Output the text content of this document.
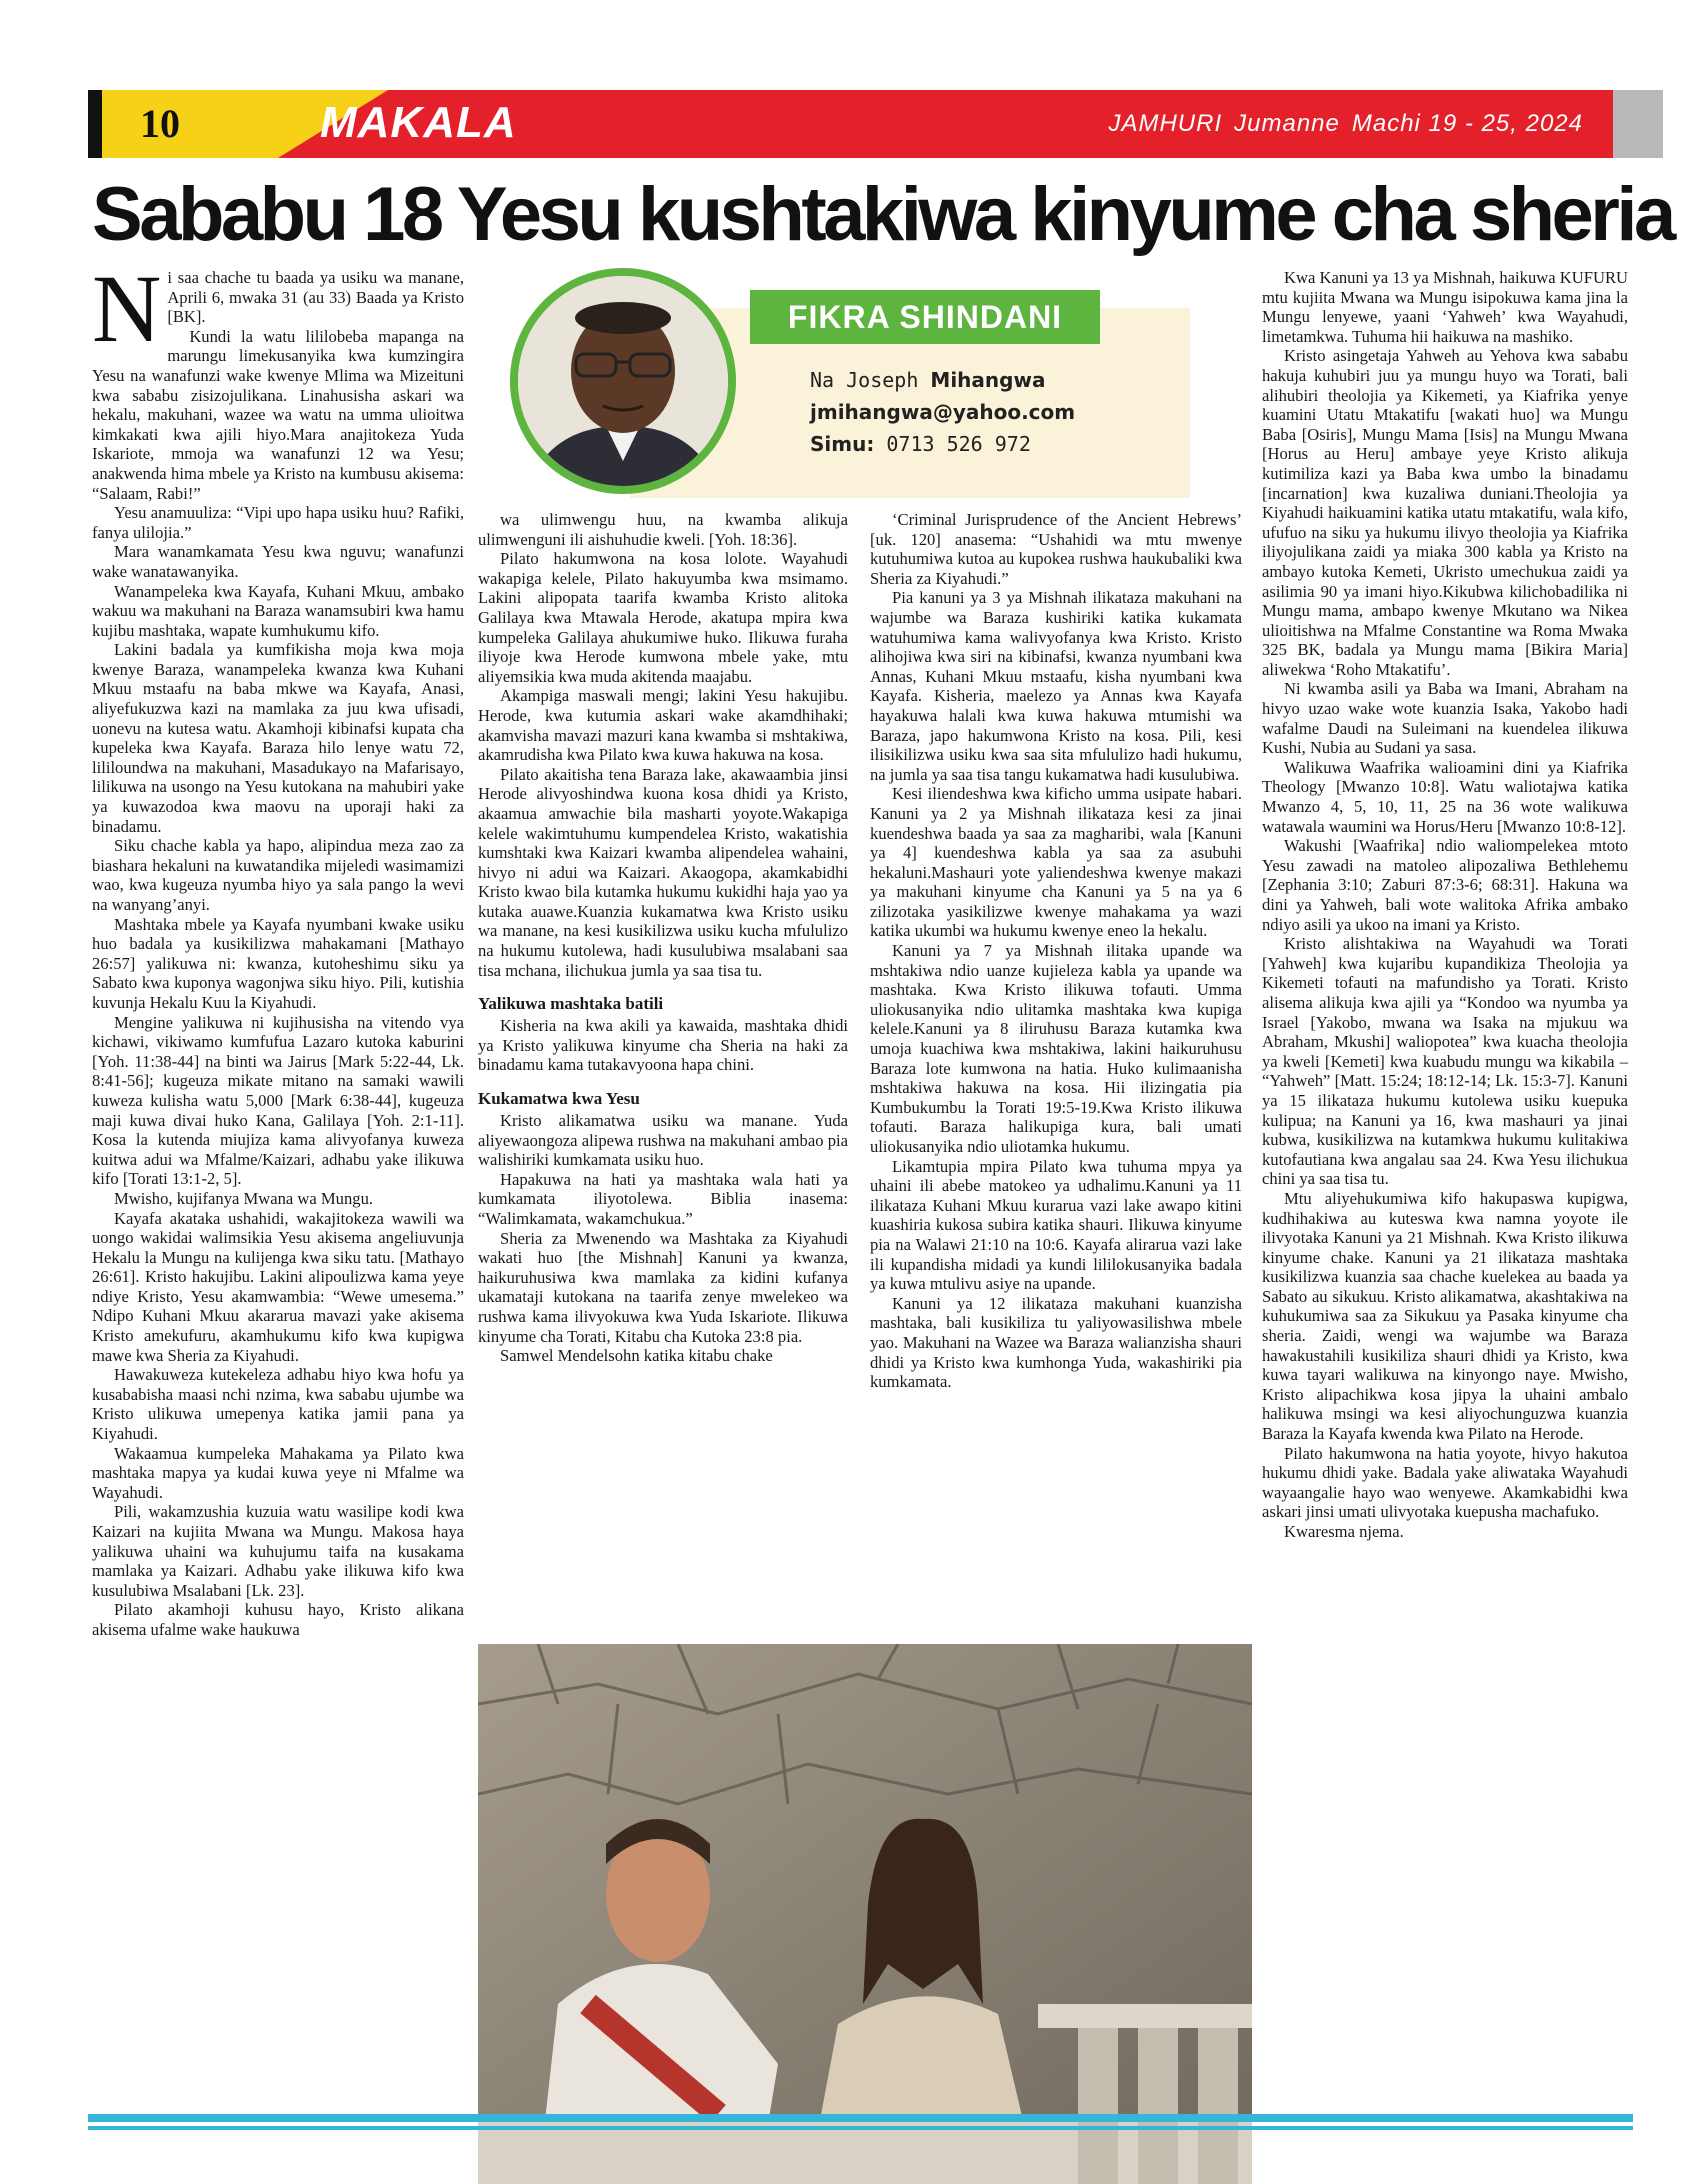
10	MAKALA	JAMHURI Jumanne Machi 19 - 25, 2024
Sababu 18 Yesu kushtakiwa kinyume cha sheria
N i saa chache tu baada ya usiku wa manane, Aprili 6, mwaka 31 (au 33) Baada ya Kristo [BK].

Kundi la watu lililobeba mapanga na marungu limekusanyika kwa kumzingira Yesu na wanafunzi wake kwenye Mlima wa Mizeituni kwa sababu zisizojulikana. Linahusisha askari wa hekalu, makuhani, wazee wa watu na umma ulioitwa kimkakati kwa ajili hiyo.Mara anajitokeza Yuda Iskariote, mmoja wa wanafunzi 12 wa Yesu; anakwenda hima mbele ya Kristo na kumbusu akisema: “Salaam, Rabi!”

Yesu anamuuliza: “Vipi upo hapa usiku huu? Rafiki, fanya ulilojia.”

Mara wanamkamata Yesu kwa nguvu; wanafunzi wake wanatawanyika.

Wanampeleka kwa Kayafa, Kuhani Mkuu, ambako wakuu wa makuhani na Baraza wanamsubiri kwa hamu kujibu mashtaka, wapate kumhukumu kifo.

Lakini badala ya kumfikisha moja kwa moja kwenye Baraza, wanampeleka kwanza kwa Kuhani Mkuu mstaafu na baba mkwe wa Kayafa, Anasi, aliyefukuzwa kazi na mamlaka za juu kwa ufisadi, uonevu na kutesa watu. Akamhoji kibinafsi kupata cha kupeleka kwa Kayafa. Baraza hilo lenye watu 72, lililoundwa na makuhani, Masadukayo na Mafarisayo, lilikuwa na usongo na Yesu kutokana na mahubiri yake ya kuwazodoa kwa maovu na uporaji haki za binadamu.

Siku chache kabla ya hapo, alipindua meza zao za biashara hekaluni na kuwatandika mijeledi wasimamizi wao, kwa kugeuza nyumba hiyo ya sala pango la wevi na wanyang’anyi.

Mashtaka mbele ya Kayafa nyumbani kwake usiku huo badala ya kusikilizwa mahakamani [Mathayo 26:57] yalikuwa ni: kwanza, kutoheshimu siku ya Sabato kwa kuponya wagonjwa siku hiyo. Pili, kutishia kuvunja Hekalu Kuu la Kiyahudi.

Mengine yalikuwa ni kujihusisha na vitendo vya kichawi, vikiwamo kumfufua Lazaro kutoka kaburini [Yoh. 11:38-44] na binti wa Jairus [Mark 5:22-44, Lk. 8:41-56]; kugeuza mikate mitano na samaki wawili kuweza kulisha watu 5,000 [Mark 6:38-44], kugeuza maji kuwa divai huko Kana, Galilaya [Yoh. 2:1-11]. Kosa la kutenda miujiza kama alivyofanya kuweza kuitwa adui wa Mfalme/Kaizari, adhabu yake ilikuwa kifo [Torati 13:1-2, 5].

Mwisho, kujifanya Mwana wa Mungu.

Kayafa akataka ushahidi, wakajitokeza wawili wa uongo wakidai walimsikia Yesu akisema angeliuvunja Hekalu la Mungu na kulijenga kwa siku tatu. [Mathayo 26:61]. Kristo hakujibu. Lakini alipoulizwa kama yeye ndiye Kristo, Yesu akamwambia: “Wewe umesema.” Ndipo Kuhani Mkuu akararua mavazi yake akisema Kristo amekufuru, akamhukumu kifo kwa kupigwa mawe kwa Sheria za Kiyahudi.

Hawakuweza kutekeleza adhabu hiyo kwa hofu ya kusababisha maasi nchi nzima, kwa sababu ujumbe wa Kristo ulikuwa umepenya katika jamii pana ya Kiyahudi.

Wakaamua kumpeleka Mahakama ya Pilato kwa mashtaka mapya ya kudai kuwa yeye ni Mfalme wa Wayahudi.

Pili, wakamzushia kuzuia watu wasilipe kodi kwa Kaizari na kujiita Mwana wa Mungu. Makosa haya yalikuwa uhaini wa kuhujumu taifa na kusakama mamlaka ya Kaizari. Adhabu yake ilikuwa kifo kwa kusulubiwa Msalabani [Lk. 23].

Pilato akamhoji kuhusu hayo, Kristo alikana akisema ufalme wake haukuwa

FIKRA SHINDANI
Na Joseph Mihangwa
jmihangwa@yahoo.com
Simu: 0713 526 972

wa ulimwengu huu, na kwamba alikuja ulimwenguni ili aishuhudie kweli. [Yoh. 18:36].

Pilato hakumwona na kosa lolote. Wayahudi wakapiga kelele, Pilato hakuyumba kwa msimamo. Lakini alipopata taarifa kwamba Kristo alitoka Galilaya kwa Mtawala Herode, akatupa mpira kwa kumpeleka Galilaya ahukumiwe huko. Ilikuwa furaha iliyoje kwa Herode kumwona mbele yake, mtu aliyemsikia kwa muda akitenda maajabu.

Akampiga maswali mengi; lakini Yesu hakujibu. Herode, kwa kutumia askari wake akamdhihaki; akamvisha mavazi mazuri kana kwamba si mshtakiwa, akamrudisha kwa Pilato kwa kuwa hakuwa na kosa.

Pilato akaitisha tena Baraza lake, akawaambia jinsi Herode alivyoshindwa kuona kosa dhidi ya Kristo, akaamua amwachie bila masharti yoyote.Wakapiga kelele wakimtuhumu kumpendelea Kristo, wakatishia kumshtaki kwa Kaizari kwamba alipendelea wahaini, hivyo ni adui wa Kaizari. Akaogopa, akamkabidhi Kristo kwao bila kutamka hukumu kukidhi haja yao ya kutaka auawe.Kuanzia kukamatwa kwa Kristo usiku wa manane, na kesi kusikilizwa usiku kucha mfululizo na hukumu kutolewa, hadi kusulubiwa msalabani saa tisa mchana, ilichukua jumla ya saa tisa tu.

Yalikuwa mashtaka batili

Kisheria na kwa akili ya kawaida, mashtaka dhidi ya Kristo yalikuwa kinyume cha Sheria na haki za binadamu kama tutakavyoona hapa chini.

Kukamatwa kwa Yesu

Kristo alikamatwa usiku wa manane. Yuda aliyewaongoza alipewa rushwa na makuhani ambao pia walishiriki kumkamata usiku huo.

Hapakuwa na hati ya mashtaka wala hati ya kumkamata iliyotolewa. Biblia inasema: “Walimkamata, wakamchukua.”

Sheria za Mwenendo wa Mashtaka za Kiyahudi wakati huo [the Mishnah] Kanuni ya kwanza, haikuruhusiwa kwa mamlaka za kidini kufanya ukamataji kutokana na taarifa zenye mwelekeo wa rushwa kama ilivyokuwa kwa Yuda Iskariote. Ilikuwa kinyume cha Torati, Kitabu cha Kutoka 23:8 pia.

Samwel Mendelsohn katika kitabu chake

‘Criminal Jurisprudence of the Ancient Hebrews’ [uk. 120] anasema: “Ushahidi wa mtu mwenye kutuhumiwa kutoa au kupokea rushwa haukubaliki kwa Sheria za Kiyahudi.”

Pia kanuni ya 3 ya Mishnah ilikataza makuhani na wajumbe wa Baraza kushiriki katika kukamata watuhumiwa kama walivyofanya kwa Kristo. Kristo alihojiwa kwa siri na kibinafsi, kwanza nyumbani kwa Annas, Kuhani Mkuu mstaafu, kisha nyumbani kwa Kayafa. Kisheria, maelezo ya Annas kwa Kayafa hayakuwa halali kwa kuwa hakuwa mtumishi wa Baraza, japo hakumwona Kristo na kosa. Pili, kesi ilisikilizwa usiku kwa saa sita mfululizo hadi hukumu, na jumla ya saa tisa tangu kukamatwa hadi kusulubiwa.

Kesi iliendeshwa kwa kificho umma usipate habari. Kanuni ya 2 ya Mishnah ilikataza kesi za jinai kuendeshwa baada ya saa za magharibi, wala [Kanuni ya 4] kuendeshwa kabla ya saa za asubuhi hekaluni.Mashauri yote yaliendeshwa kwenye makazi ya makuhani kinyume cha Kanuni ya 5 na ya 6 zilizotaka yasikilizwe kwenye mahakama ya wazi katika ukumbi wa hukumu kwenye eneo la hekalu.

Kanuni ya 7 ya Mishnah ilitaka upande wa mshtakiwa ndio uanze kujieleza kabla ya upande wa mashtaka. Kwa Kristo ilikuwa tofauti. Umma uliokusanyika ndio ulitamka mashtaka kwa kupiga kelele.Kanuni ya 8 iliruhusu Baraza kutamka kwa umoja kuachiwa kwa mshtakiwa, lakini haikuruhusu Baraza lote kumwona na hatia. Huko kulimaanisha mshtakiwa hakuwa na kosa. Hii ilizingatia pia Kumbukumbu la Torati 19:5-19.Kwa Kristo ilikuwa tofauti. Baraza halikupiga kura, bali umati uliokusanyika ndio uliotamka hukumu.

Likamtupia mpira Pilato kwa tuhuma mpya ya uhaini ili abebe matokeo ya udhalimu.Kanuni ya 11 ilikataza Kuhani Mkuu kurarua vazi lake awapo kitini kuashiria kukosa subira katika shauri. Ilikuwa kinyume pia na Walawi 21:10 na 10:6. Kayafa alirarua vazi lake ili kupandisha midadi ya kundi lililokusanyika badala ya kuwa mtulivu asiye na upande.

Kanuni ya 12 ilikataza makuhani kuanzisha mashtaka, bali kusikiliza tu yaliyowasilishwa mbele yao. Makuhani na Wazee wa Baraza walianzisha shauri dhidi ya Kristo kwa kumhonga Yuda, wakashiriki pia kumkamata.

Kwa Kanuni ya 13 ya Mishnah, haikuwa KUFURU mtu kujiita Mwana wa Mungu isipokuwa kama jina la Mungu lenyewe, yaani ‘Yahweh’ kwa Wayahudi, limetamkwa. Tuhuma hii haikuwa na mashiko.

Kristo asingetaja Yahweh au Yehova kwa sababu hakuja kuhubiri juu ya mungu huyo wa Torati, bali alihubiri theolojia ya Kikemeti, ya Kiafrika yenye kuamini Utatu Mtakatifu [wakati huo] wa Mungu Baba [Osiris], Mungu Mama [Isis] na Mungu Mwana [Horus au Heru] ambaye yeye Kristo alikuja kutimiliza kazi ya Baba kwa umbo la binadamu [incarnation] kwa kuzaliwa duniani.Theolojia ya Kiyahudi haikuamini katika utatu mtakatifu, wala kifo, ufufuo na siku ya hukumu ilivyo theolojia ya Kiafrika iliyojulikana zaidi ya miaka 300 kabla ya Kristo na ambayo kutoka Kemeti, Ukristo umechukua zaidi ya asilimia 90 ya imani hiyo.Kikubwa kilichobadilika ni Mungu mama, ambapo kwenye Mkutano wa Nikea ulioitishwa na Mfalme Constantine wa Roma Mwaka 325 BK, badala ya Mungu mama [Bikira Maria] aliwekwa ‘Roho Mtakatifu’.

Ni kwamba asili ya Baba wa Imani, Abraham na hivyo uzao wake wote kuanzia Isaka, Yakobo hadi wafalme Daudi na Suleimani na kuendelea ilikuwa Kushi, Nubia au Sudani ya sasa.

Walikuwa Waafrika walioamini dini ya Kiafrika Theology [Mwanzo 10:8]. Watu waliotajwa katika Mwanzo 4, 5, 10, 11, 25 na 36 wote walikuwa watawala waumini wa Horus/Heru [Mwanzo 10:8-12].

Wakushi [Waafrika] ndio waliompelekea mtoto Yesu zawadi na matoleo alipozaliwa Bethlehemu [Zephania 3:10; Zaburi 87:3-6; 68:31]. Hakuna wa dini ya Yahweh, bali wote walitoka Afrika ambako ndiyo asili ya ukoo na imani ya Kristo.

Kristo alishtakiwa na Wayahudi wa Torati [Yahweh] kwa kujaribu kupandikiza Theolojia ya Kikemeti tofauti na mafundisho ya Torati. Kristo alisema alikuja kwa ajili ya “Kondoo wa nyumba ya Israel [Yakobo, mwana wa Isaka na mjukuu wa Abraham, Mkushi] waliopotea” kwa kuacha theolojia ya kweli [Kemeti] kwa kuabudu mungu wa kikabila – “Yahweh” [Matt. 15:24; 18:12-14; Lk. 15:3-7]. Kanuni ya 15 ilikataza hukumu kutolewa usiku kuepuka kulipua; na Kanuni ya 16, kwa mashauri ya jinai kubwa, kusikilizwa na kutamkwa hukumu kulitakiwa kutofautiana kwa angalau saa 24. Kwa Yesu ilichukua chini ya saa tisa tu.

Mtu aliyehukumiwa kifo hakupaswa kupigwa, kudhihakiwa au kuteswa kwa namna yoyote ile ilivyotaka Kanuni ya 21 Mishnah. Kwa Kristo ilikuwa kinyume chake. Kanuni ya 21 ilikataza mashtaka kusikilizwa kuanzia saa chache kuelekea au baada ya Sabato au sikukuu. Kristo alikamatwa, akashtakiwa na kuhukumiwa saa za Sikukuu ya Pasaka kinyume cha sheria. Zaidi, wengi wa wajumbe wa Baraza hawakustahili kusikiliza shauri dhidi ya Kristo, kwa kuwa tayari walikuwa na kinyongo naye. Mwisho, Kristo alipachikwa kosa jipya la uhaini ambalo halikuwa msingi wa kesi aliyochunguzwa kuanzia Baraza la Kayafa kwenda kwa Pilato na Herode.

Pilato hakumwona na hatia yoyote, hivyo hakutoa hukumu dhidi yake. Badala yake aliwataka Wayahudi wayaangalie hayo wao wenyewe. Akamkabidhi kwa askari jinsi umati ulivyotaka kuepusha machafuko.

Kwaresma njema.
